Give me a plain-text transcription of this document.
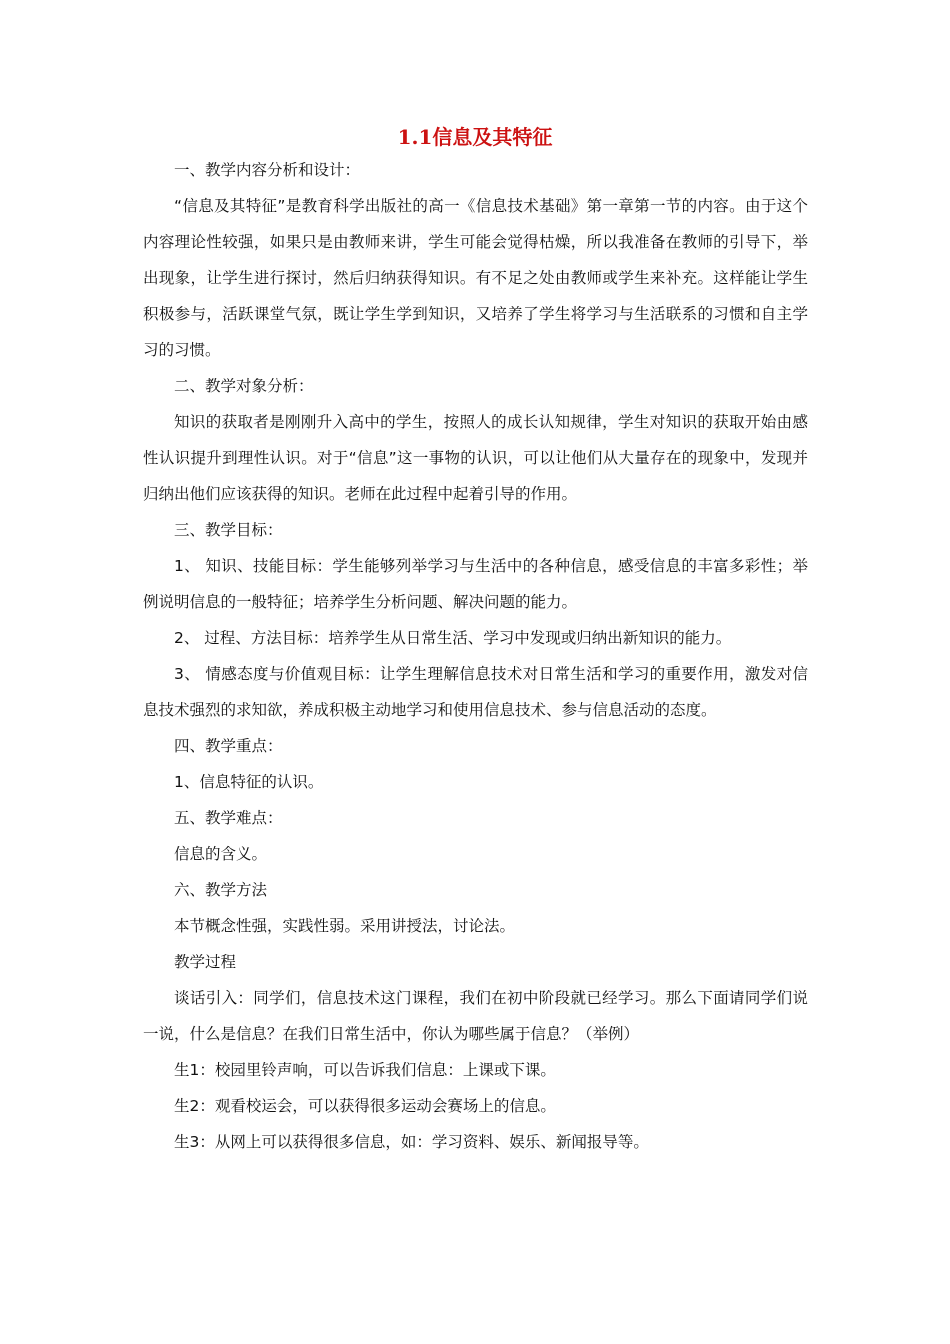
1.1信息及其特征

一、教学内容分析和设计：

“信息及其特征”是教育科学出版社的高一《信息技术基础》第一章第一节的内容。由于这个内容理论性较强，如果只是由教师来讲，学生可能会觉得枯燥，所以我准备在教师的引导下，举出现象，让学生进行探讨，然后归纳获得知识。有不足之处由教师或学生来补充。这样能让学生积极参与，活跃课堂气氛，既让学生学到知识，又培养了学生将学习与生活联系的习惯和自主学习的习惯。

二、教学对象分析：

知识的获取者是刚刚升入高中的学生，按照人的成长认知规律，学生对知识的获取开始由感性认识提升到理性认识。对于“信息”这一事物的认识，可以让他们从大量存在的现象中，发现并归纳出他们应该获得的知识。老师在此过程中起着引导的作用。

三、教学目标：

1、 知识、技能目标：学生能够列举学习与生活中的各种信息，感受信息的丰富多彩性；举例说明信息的一般特征；培养学生分析问题、解决问题的能力。

2、 过程、方法目标：培养学生从日常生活、学习中发现或归纳出新知识的能力。

3、 情感态度与价值观目标：让学生理解信息技术对日常生活和学习的重要作用，激发对信息技术强烈的求知欲，养成积极主动地学习和使用信息技术、参与信息活动的态度。

四、教学重点：

1、信息特征的认识。

五、教学难点：

信息的含义。

六、教学方法

本节概念性强，实践性弱。采用讲授法，讨论法。

教学过程

谈话引入：同学们，信息技术这门课程，我们在初中阶段就已经学习。那么下面请同学们说一说，什么是信息？在我们日常生活中，你认为哪些属于信息？（举例）

生1：校园里铃声响，可以告诉我们信息：上课或下课。

生2：观看校运会，可以获得很多运动会赛场上的信息。

生3：从网上可以获得很多信息，如：学习资料、娱乐、新闻报导等。
